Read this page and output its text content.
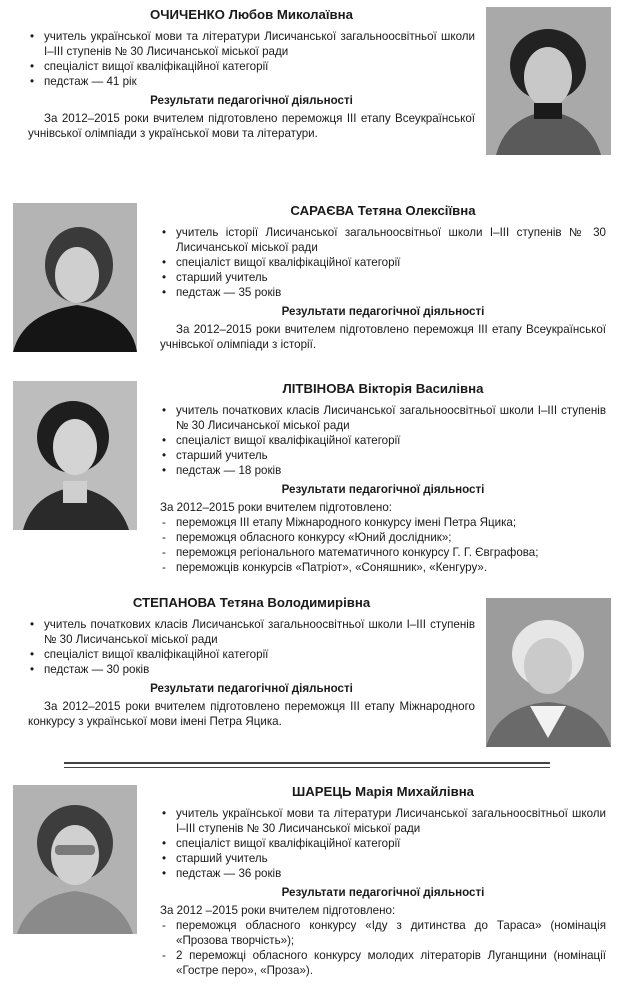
ОЧИЧЕНКО Любов Миколаївна
• учитель української мови та літератури Лисичанської загальноосвітньої школи І–ІІІ ступенів № 30 Лисичанської міської ради
• спеціаліст вищої кваліфікаційної категорії
• педстаж — 41 рік
Результати педагогічної діяльності
За 2012–2015 роки вчителем підготовлено переможця ІІІ етапу Всеукраїнської учнівської олімпіади з української мови та літератури.
САРАЄВА Тетяна Олексіївна
• учитель історії Лисичанської загальноосвітньої школи І–ІІІ ступенів № 30 Лисичанської міської ради
• спеціаліст вищої кваліфікаційної категорії
• старший учитель
• педстаж — 35 років
Результати педагогічної діяльності
За 2012–2015 роки вчителем підготовлено переможця ІІІ етапу Всеукраїнської учнівської олімпіади з історії.
ЛІТВІНОВА Вікторія Василівна
• учитель початкових класів Лисичанської загальноосвітньої школи І–ІІІ ступенів № 30 Лисичанської міської ради
• спеціаліст вищої кваліфікаційної категорії
• старший учитель
• педстаж — 18 років
Результати педагогічної діяльності
За 2012–2015 роки вчителем підготовлено:
- переможця ІІІ етапу Міжнародного конкурсу імені Петра Яцика;
- переможця обласного конкурсу «Юний дослідник»;
- переможця регіонального математичного конкурсу Г. Г. Євграфова;
- переможців конкурсів «Патріот», «Соняшник», «Кенгуру».
СТЕПАНОВА Тетяна Володимирівна
• учитель початкових класів Лисичанської загальноосвітньої школи І–ІІІ ступенів № 30 Лисичанської міської ради
• спеціаліст вищої кваліфікаційної категорії
• педстаж — 30 років
Результати педагогічної діяльності
За 2012–2015 роки вчителем підготовлено переможця ІІІ етапу Міжнародного конкурсу з української мови імені Петра Яцика.
ШАРЕЦЬ Марія Михайлівна
• учитель української мови та літератури Лисичанської загальноосвітньої школи І–ІІІ ступенів № 30 Лисичанської міської ради
• спеціаліст вищої кваліфікаційної категорії
• старший учитель
• педстаж — 36 років
Результати педагогічної діяльності
За 2012 –2015 роки вчителем підготовлено:
- переможця обласного конкурсу «Іду з дитинства до Тараса» (номінація «Прозова творчість»);
- 2 переможці обласного конкурсу молодих літераторів Луганщини (номінації «Гостре перо», «Проза»).
